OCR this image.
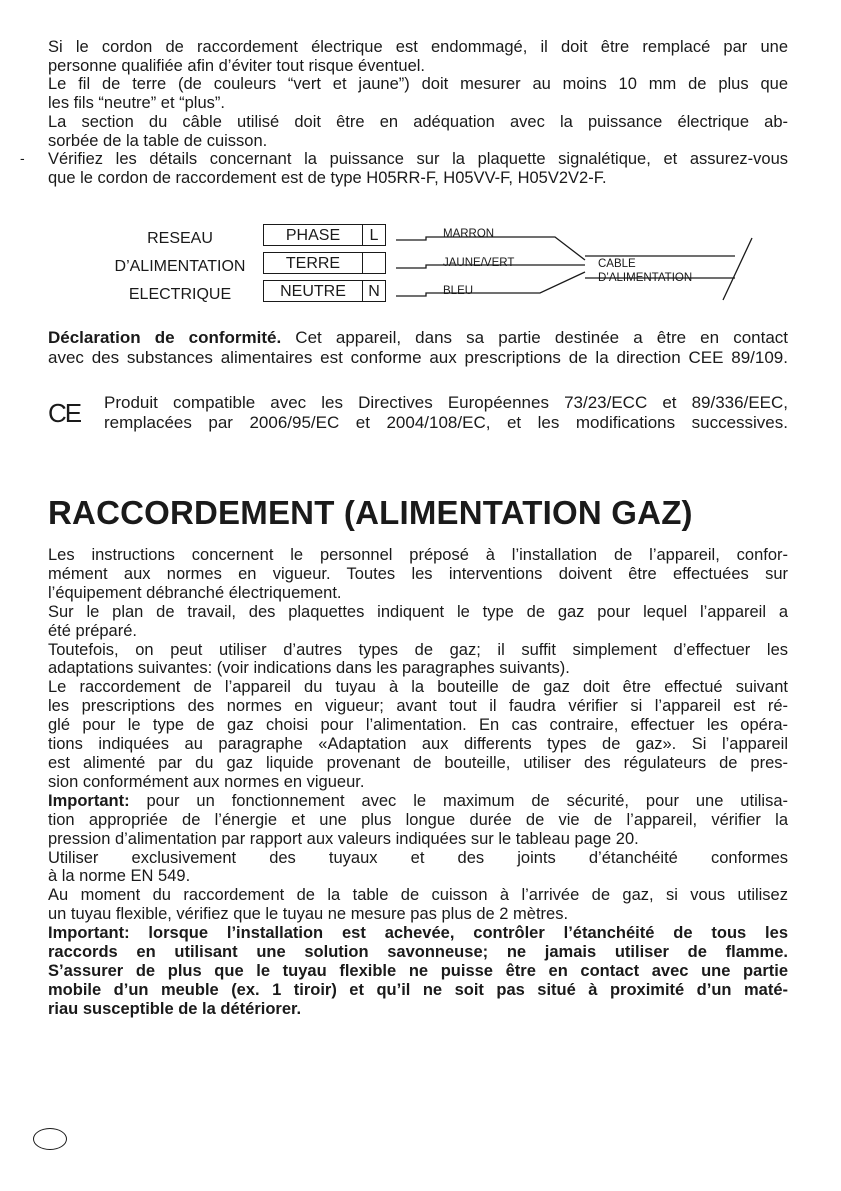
Si le cordon de raccordement électrique est endommagé, il doit être remplacé par une
personne qualifiée afin d’éviter tout risque éventuel.
Le fil de terre (de couleurs “vert et jaune”) doit mesurer au moins 10 mm de plus que
les fils “neutre” et “plus”.
La section du câble utilisé doit être en adéquation avec la puissance électrique ab-
sorbée de la table de cuisson.
Vérifiez les détails concernant la puissance sur la plaquette signalétique, et assurez-vous
que le cordon de raccordement est de type H05RR-F, H05VV-F, H05V2V2-F.
-
RESEAU
D’ALIMENTATION
ELECTRIQUE
PHASE	L
TERRE
NEUTRE	N
MARRON
JAUNE/VERT
BLEU
CABLE
D’ALIMENTATION
Déclaration de conformité. Cet appareil, dans sa partie destinée a être en contact
avec des substances alimentaires est conforme aux prescriptions de la direction CEE 89/109.
CE Produit compatible avec les Directives Européennes 73/23/ECC et 89/336/EEC,
remplacées par 2006/95/EC et 2004/108/EC, et les modifications successives.
RACCORDEMENT (ALIMENTATION GAZ)
Les instructions concernent le personnel préposé à l’installation de l’appareil, confor-
mément aux normes en vigueur. Toutes les interventions doivent être effectuées sur
l’équipement débranché électriquement.
Sur le plan de travail, des plaquettes indiquent le type de gaz pour lequel l’appareil a
été préparé.
Toutefois, on peut utiliser d’autres types de gaz; il suffit simplement d’effectuer les
adaptations suivantes: (voir indications dans les paragraphes suivants).
Le raccordement de l’appareil du tuyau à la bouteille de gaz doit être effectué suivant
les prescriptions des normes en vigueur; avant tout il faudra vérifier si l’appareil est ré-
glé pour le type de gaz choisi pour l’alimentation. En cas contraire, effectuer les opéra-
tions indiquées au paragraphe «Adaptation aux differents types de gaz». Si l’appareil
est alimenté par du gaz liquide provenant de bouteille, utiliser des régulateurs de pres-
sion conformément aux normes en vigueur.
Important: pour un fonctionnement avec le maximum de sécurité, pour une utilisa-
tion appropriée de l’énergie et une plus longue durée de vie de l’appareil, vérifier la
pression d’alimentation par rapport aux valeurs indiquées sur le tableau page 20.
Utiliser exclusivement des tuyaux et des joints d’étanchéité conformes
à la norme EN 549.
Au moment du raccordement de la table de cuisson à l’arrivée de gaz, si vous utilisez
un tuyau flexible, vérifiez que le tuyau ne mesure pas plus de 2 mètres.
Important: lorsque l’installation est achevée, contrôler l’étanchéité de tous les
raccords en utilisant une solution savonneuse; ne jamais utiliser de flamme.
S’assurer de plus que le tuyau flexible ne puisse être en contact avec une partie
mobile d’un meuble (ex. 1 tiroir) et qu’il ne soit pas situé à proximité d’un maté-
riau susceptible de la détériorer.
